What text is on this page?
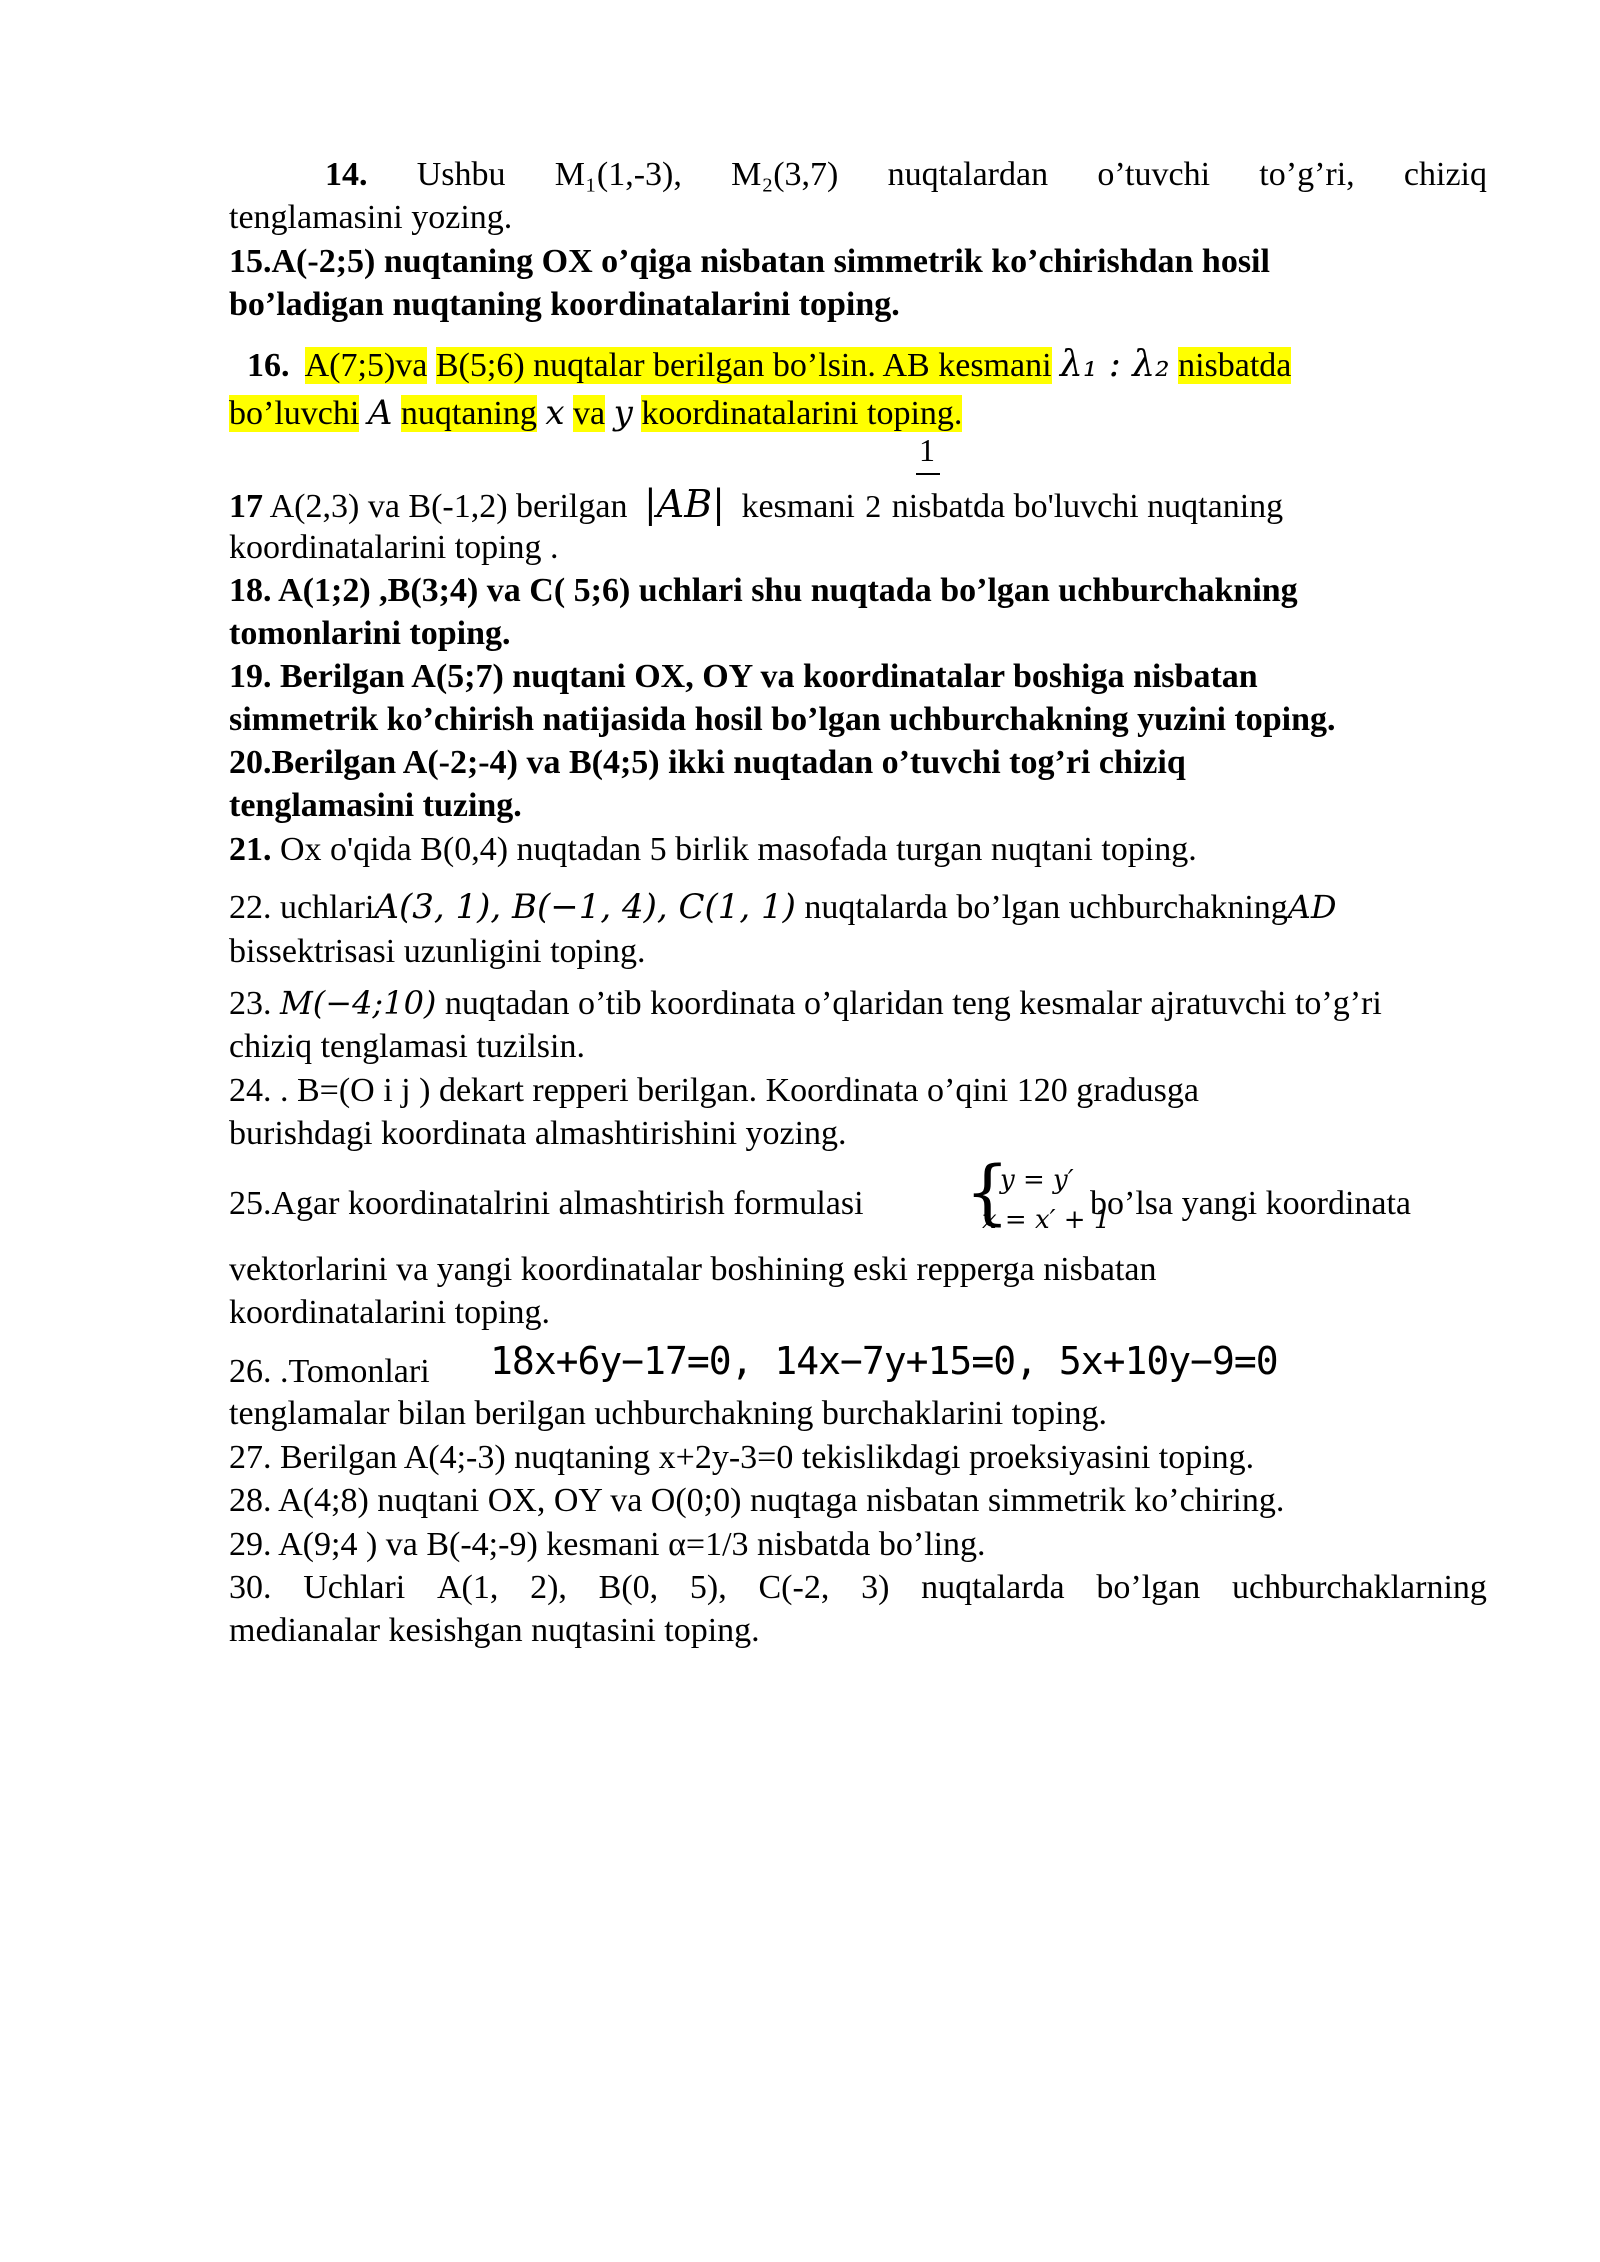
14. Ushbu M₁(1,-3), M₂(3,7) nuqtalardan o’tuvchi to’g’ri, chiziq
tenglamasini yozing.
15.A(-2;5) nuqtaning OX o’qiga nisbatan simmetrik ko’chirishdan hosil
bo’ladigan nuqtaning koordinatalarini toping.
16. A(7;5)va B(5;6) nuqtalar berilgan bo’lsin. AB kesmani λ₁ : λ₂ nisbatda
bo’luvchi A nuqtaning x va y koordinatalarini toping.
1
17 A(2,3) va B(-1,2) berilgan |AB| kesmani 2 nisbatda bo'luvchi nuqtaning
koordinatalarini toping .
18. A(1;2) ,B(3;4) va C( 5;6) uchlari shu nuqtada bo’lgan uchburchakning
tomonlarini toping.
19. Berilgan A(5;7) nuqtani OX, OY va koordinatalar boshiga nisbatan
simmetrik ko’chirish natijasida hosil bo’lgan uchburchakning yuzini toping.
20.Berilgan A(-2;-4) va B(4;5) ikki nuqtadan o’tuvchi tog’ri chiziq
tenglamasini tuzing.
21. Ox o'qida B(0,4) nuqtadan 5 birlik masofada turgan nuqtani toping.
22. uchlariA(3, 1), B(−1, 4), C(1, 1) nuqtalarda bo’lgan uchburchakningAD
bissektrisasi uzunligini toping.
23. M(−4;10) nuqtadan o’tib koordinata o’qlaridan teng kesmalar ajratuvchi to’g’ri
chiziq tenglamasi tuzilsin.
24. . B=(O i j ) dekart repperi berilgan. Koordinata o’qini 120 gradusga
burishdagi koordinata almashtirishini yozing.
25.Agar koordinatalrini almashtirish formulasi	{
y = y′
x = x′ + 1
bo’lsa yangi koordinata
vektorlarini va yangi koordinatalar boshining eski repperga nisbatan
koordinatalarini toping.
26. .Tomonlari	18x+6y−17=0, 14x−7y+15=0, 5x+10y−9=0
tenglamalar bilan berilgan uchburchakning burchaklarini toping.
27. Berilgan A(4;-3) nuqtaning x+2y-3=0 tekislikdagi proeksiyasini toping.
28. A(4;8) nuqtani OX, OY va O(0;0) nuqtaga nisbatan simmetrik ko’chiring.
29. A(9;4 ) va B(-4;-9) kesmani α=1/3 nisbatda bo’ling.
30. Uchlari A(1, 2), B(0, 5), C(-2, 3) nuqtalarda bo’lgan uchburchaklarning
medianalar kesishgan nuqtasini toping.
